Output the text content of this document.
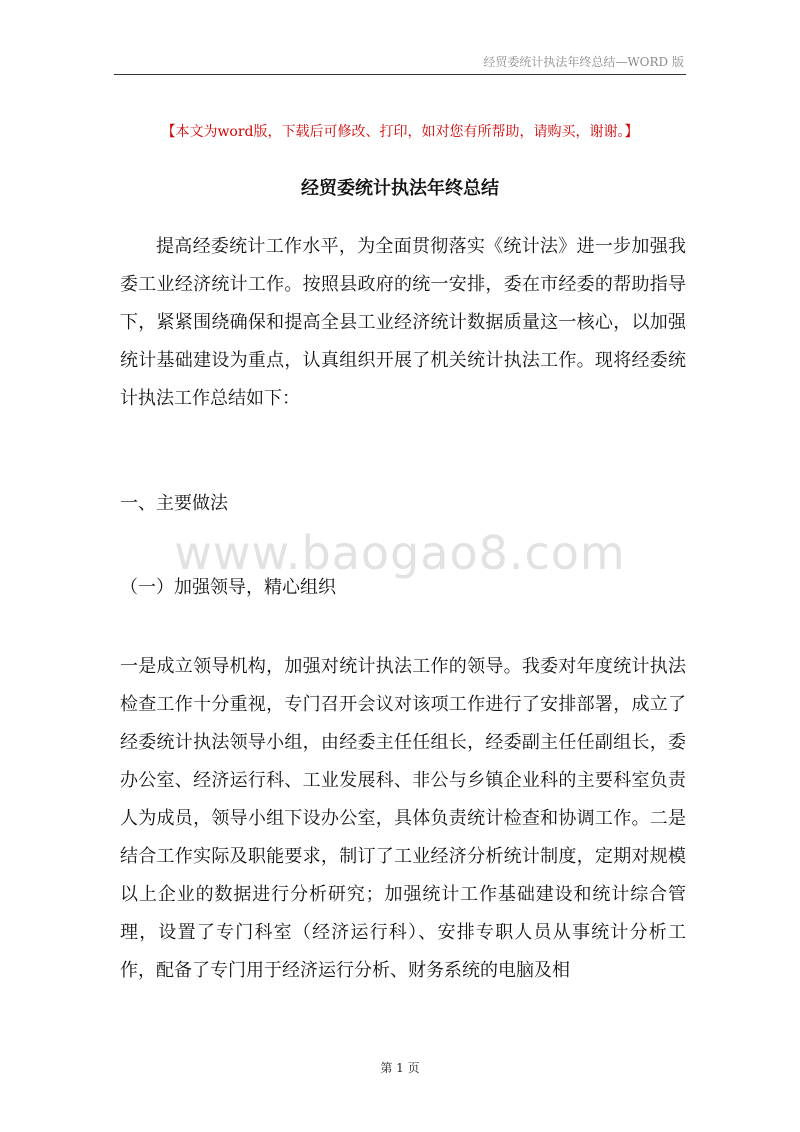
经贸委统计执法年终总结—WORD 版
【本文为word版，下载后可修改、打印，如对您有所帮助，请购买，谢谢。】
经贸委统计执法年终总结
提高经委统计工作水平，为全面贯彻落实《统计法》进一步加强我委工业经济统计工作。按照县政府的统一安排，委在市经委的帮助指导下，紧紧围绕确保和提高全县工业经济统计数据质量这一核心，以加强统计基础建设为重点，认真组织开展了机关统计执法工作。现将经委统计执法工作总结如下：
一、主要做法
www.baogao8.com
（一）加强领导，精心组织
一是成立领导机构，加强对统计执法工作的领导。我委对年度统计执法检查工作十分重视，专门召开会议对该项工作进行了安排部署，成立了经委统计执法领导小组，由经委主任任组长，经委副主任任副组长，委办公室、经济运行科、工业发展科、非公与乡镇企业科的主要科室负责人为成员，领导小组下设办公室，具体负责统计检查和协调工作。二是结合工作实际及职能要求，制订了工业经济分析统计制度，定期对规模以上企业的数据进行分析研究；加强统计工作基础建设和统计综合管理，设置了专门科室（经济运行科）、安排专职人员从事统计分析工作，配备了专门用于经济运行分析、财务系统的电脑及相
第 1 页
